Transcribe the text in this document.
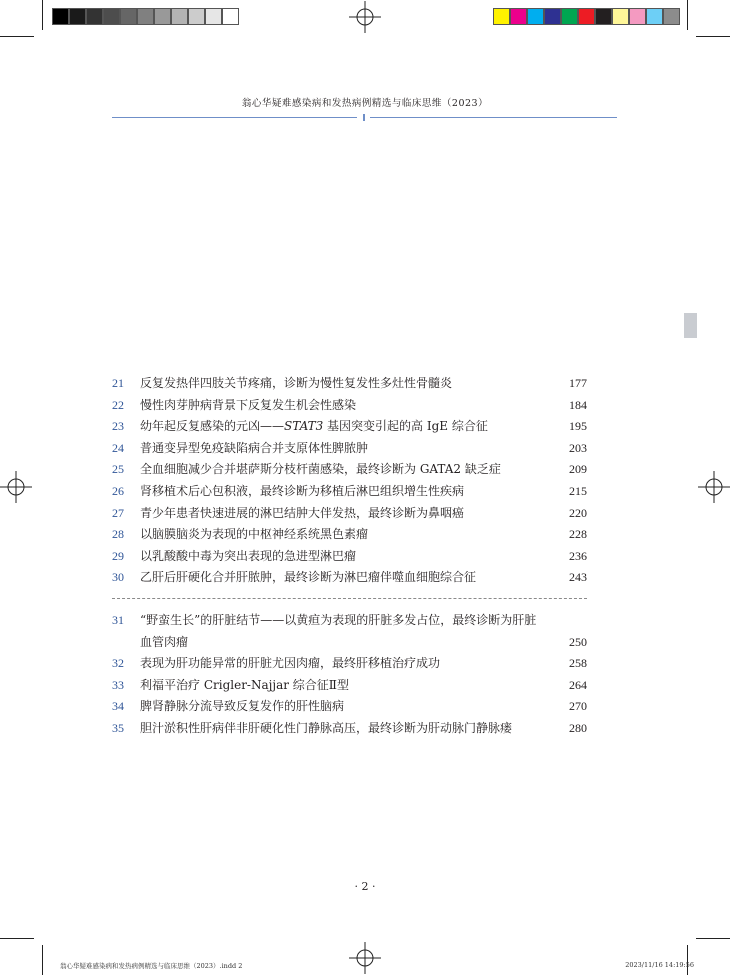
翁心华疑难感染病和发热病例精选与临床思维（2023）
21	反复发热伴四肢关节疼痛，诊断为慢性复发性多灶性骨髓炎	177
22	慢性肉芽肿病背景下反复发生机会性感染	184
23	幼年起反复感染的元凶——STAT3 基因突变引起的高 IgE 综合征	195
24	普通变异型免疫缺陷病合并支原体性脾脓肿	203
25	全血细胞减少合并堪萨斯分枝杆菌感染，最终诊断为 GATA2 缺乏症	209
26	肾移植术后心包积液，最终诊断为移植后淋巴组织增生性疾病	215
27	青少年患者快速进展的淋巴结肿大伴发热，最终诊断为鼻咽癌	220
28	以脑膜脑炎为表现的中枢神经系统黑色素瘤	228
29	以乳酸酸中毒为突出表现的急进型淋巴瘤	236
30	乙肝后肝硬化合并肝脓肿，最终诊断为淋巴瘤伴噬血细胞综合征	243
31	“野蛮生长”的肝脏结节——以黄疸为表现的肝脏多发占位，最终诊断为肝脏血管肉瘤	250
32	表现为肝功能异常的肝脏尤因肉瘤，最终肝移植治疗成功	258
33	利福平治疗 Crigler-Najjar 综合征Ⅱ型	264
34	脾肾静脉分流导致反复发作的肝性脑病	270
35	胆汁淤积性肝病伴非肝硬化性门静脉高压，最终诊断为肝动脉门静脉瘘	280
· 2 ·
翁心华疑难感染病和发热病例精选与临床思维（2023）.indd 2	2023/11/16 14:19:56
